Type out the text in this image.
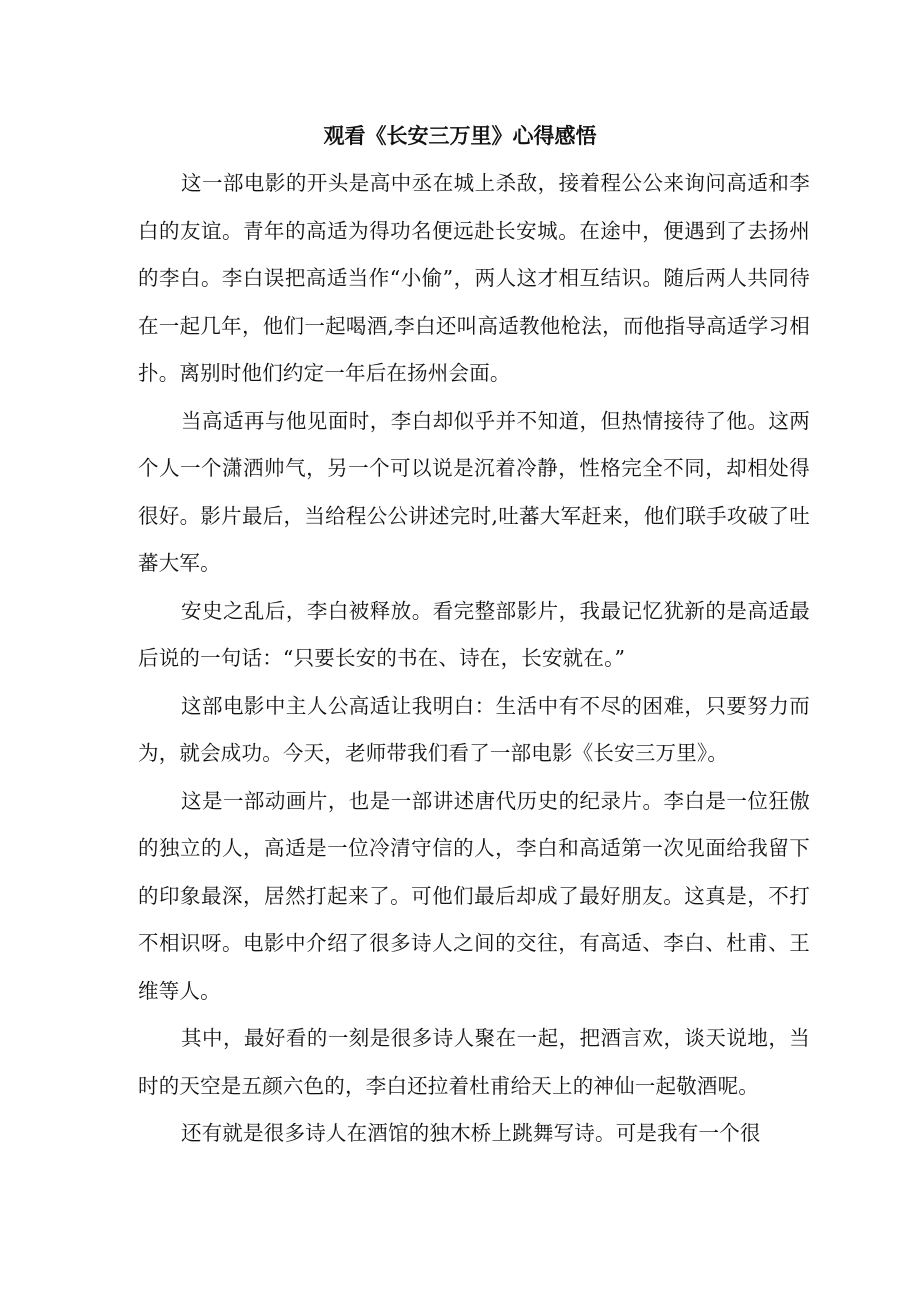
观看《长安三万里》心得感悟

这一部电影的开头是高中丞在城上杀敌，接着程公公来询问高适和李白的友谊。青年的高适为得功名便远赴长安城。在途中，便遇到了去扬州的李白。李白误把高适当作“小偷”，两人这才相互结识。随后两人共同待在一起几年，他们一起喝酒,李白还叫高适教他枪法，而他指导高适学习相扑。离别时他们约定一年后在扬州会面。

当高适再与他见面时，李白却似乎并不知道，但热情接待了他。这两个人一个潇洒帅气，另一个可以说是沉着冷静，性格完全不同，却相处得很好。影片最后，当给程公公讲述完时,吐蕃大军赶来，他们联手攻破了吐蕃大军。

安史之乱后，李白被释放。看完整部影片，我最记忆犹新的是高适最后说的一句话：“只要长安的书在、诗在，长安就在。”

这部电影中主人公高适让我明白：生活中有不尽的困难，只要努力而为，就会成功。今天，老师带我们看了一部电影《长安三万里》。

这是一部动画片，也是一部讲述唐代历史的纪录片。李白是一位狂傲的独立的人，高适是一位冷清守信的人，李白和高适第一次见面给我留下的印象最深，居然打起来了。可他们最后却成了最好朋友。这真是，不打不相识呀。电影中介绍了很多诗人之间的交往，有高适、李白、杜甫、王维等人。

其中，最好看的一刻是很多诗人聚在一起，把酒言欢，谈天说地，当时的天空是五颜六色的，李白还拉着杜甫给天上的神仙一起敬酒呢。

还有就是很多诗人在酒馆的独木桥上跳舞写诗。可是我有一个很
